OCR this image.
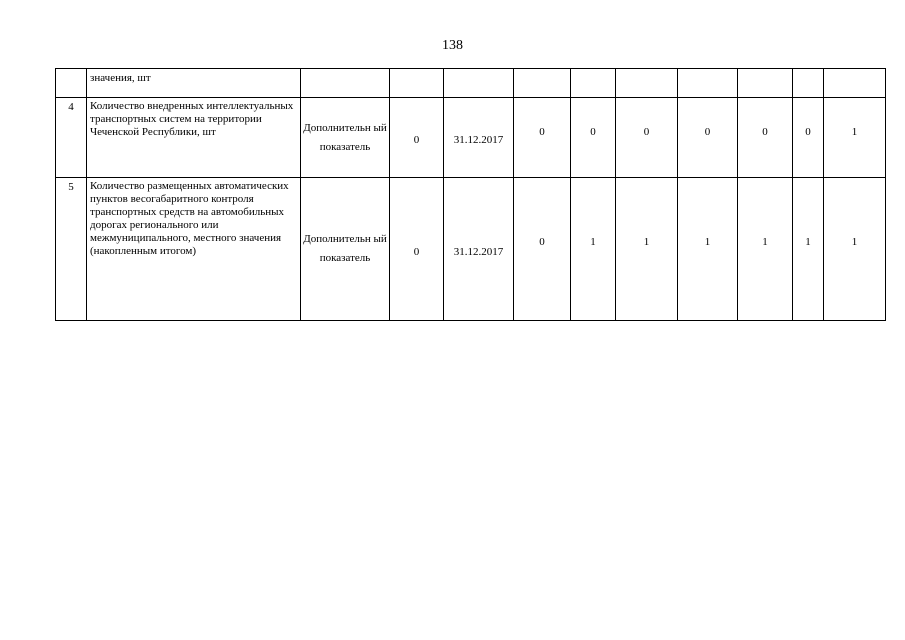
138
	значения, шт										
4	Количество внедренных интеллектуальных транспортных систем на территории Чеченской Республики, шт	Дополнительн ый показатель	0	31.12.2017	0	0	0	0	0	0	1
5	Количество размещенных автоматических пунктов весогабаритного контроля транспортных средств на автомобильных дорогах регионального или межмуниципального, местного значения (накопленным итогом)	Дополнительн ый показатель	0	31.12.2017	0	1	1	1	1	1	1
